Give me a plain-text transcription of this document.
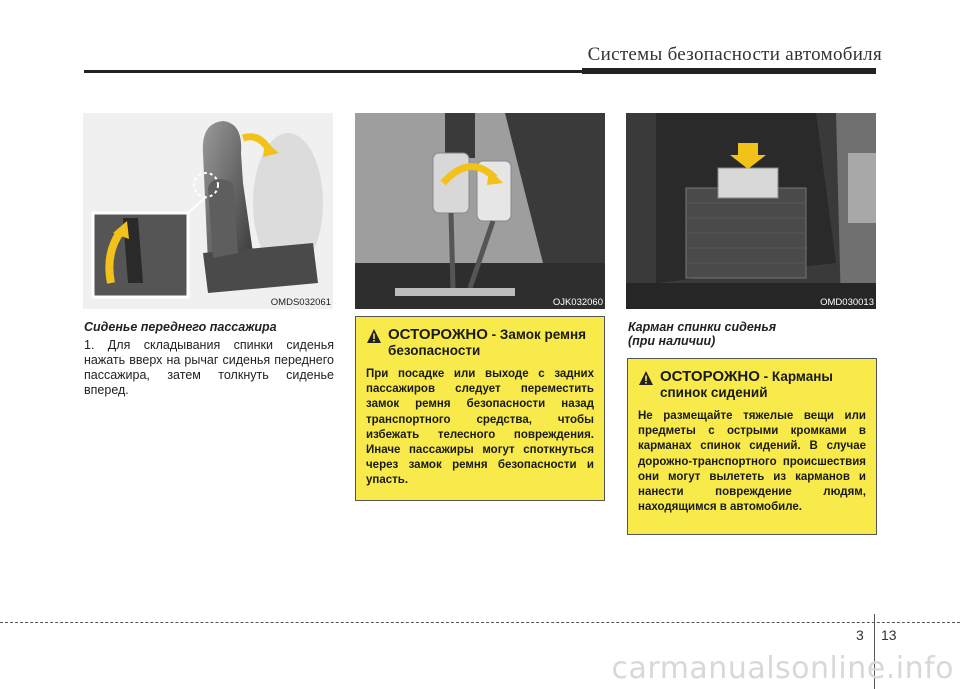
Системы безопасности автомобиля
OMDS032061	OJK032060	OMD030013
Сиденье переднего пассажира
1. Для складывания спинки сиденья нажать вверх на рычаг сиденья переднего пассажира, затем толкнуть сиденье вперед.
ОСТОРОЖНО - Замок ремня безопасности
При посадке или выходе с задних пассажиров следует переместить замок ремня безопасности назад транспортного средства, чтобы избежать телесного повреждения. Иначе пассажиры могут споткнуться через замок ремня безопасности и упасть.
Карман спинки сиденья
(при наличии)
ОСТОРОЖНО - Карманы спинок сидений
Не размещайте тяжелые вещи или предметы с острыми кромками в карманах спинок сидений. В случае дорожно-транспортного происшествия они могут вылететь из карманов и нанести повреждение людям, находящимся в автомобиле.
3 13
carmanualsonline.info
